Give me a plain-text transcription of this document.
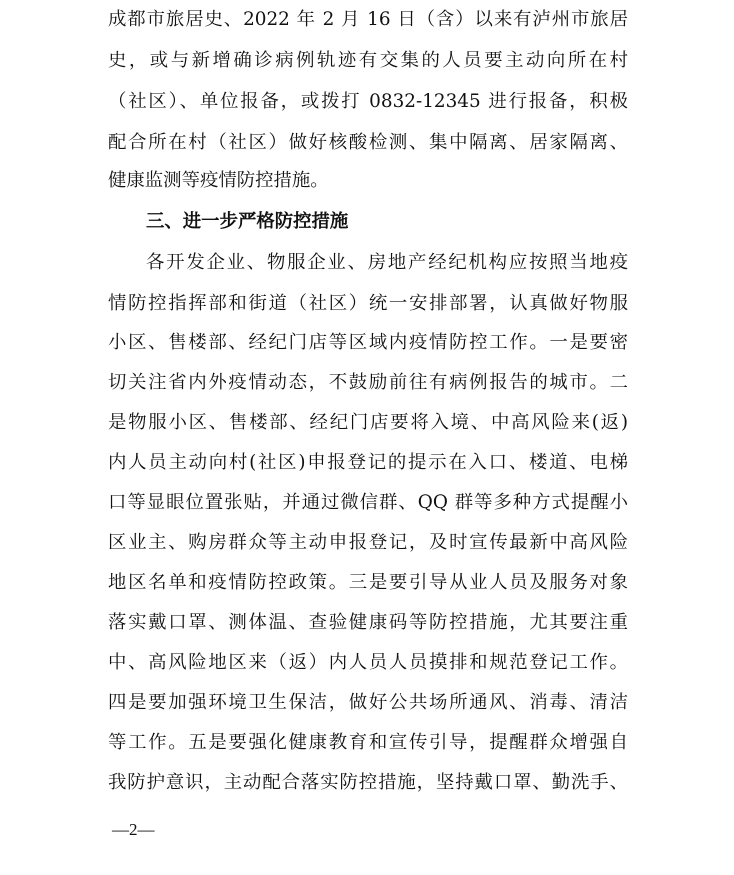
成都市旅居史、2022 年 2 月 16 日（含）以来有泸州市旅居
史，或与新增确诊病例轨迹有交集的人员要主动向所在村
（社区）、单位报备，或拨打 0832-12345 进行报备，积极
配合所在村（社区）做好核酸检测、集中隔离、居家隔离、
健康监测等疫情防控措施。
三、进一步严格防控措施
各开发企业、物服企业、房地产经纪机构应按照当地疫
情防控指挥部和街道（社区）统一安排部署，认真做好物服
小区、售楼部、经纪门店等区域内疫情防控工作。一是要密
切关注省内外疫情动态，不鼓励前往有病例报告的城市。二
是物服小区、售楼部、经纪门店要将入境、中高风险来(返)
内人员主动向村(社区)申报登记的提示在入口、楼道、电梯
口等显眼位置张贴，并通过微信群、QQ 群等多种方式提醒小
区业主、购房群众等主动申报登记，及时宣传最新中高风险
地区名单和疫情防控政策。三是要引导从业人员及服务对象
落实戴口罩、测体温、查验健康码等防控措施，尤其要注重
中、高风险地区来（返）内人员人员摸排和规范登记工作。
四是要加强环境卫生保洁，做好公共场所通风、消毒、清洁
等工作。五是要强化健康教育和宣传引导，提醒群众增强自
我防护意识，主动配合落实防控措施，坚持戴口罩、勤洗手、
—2—
